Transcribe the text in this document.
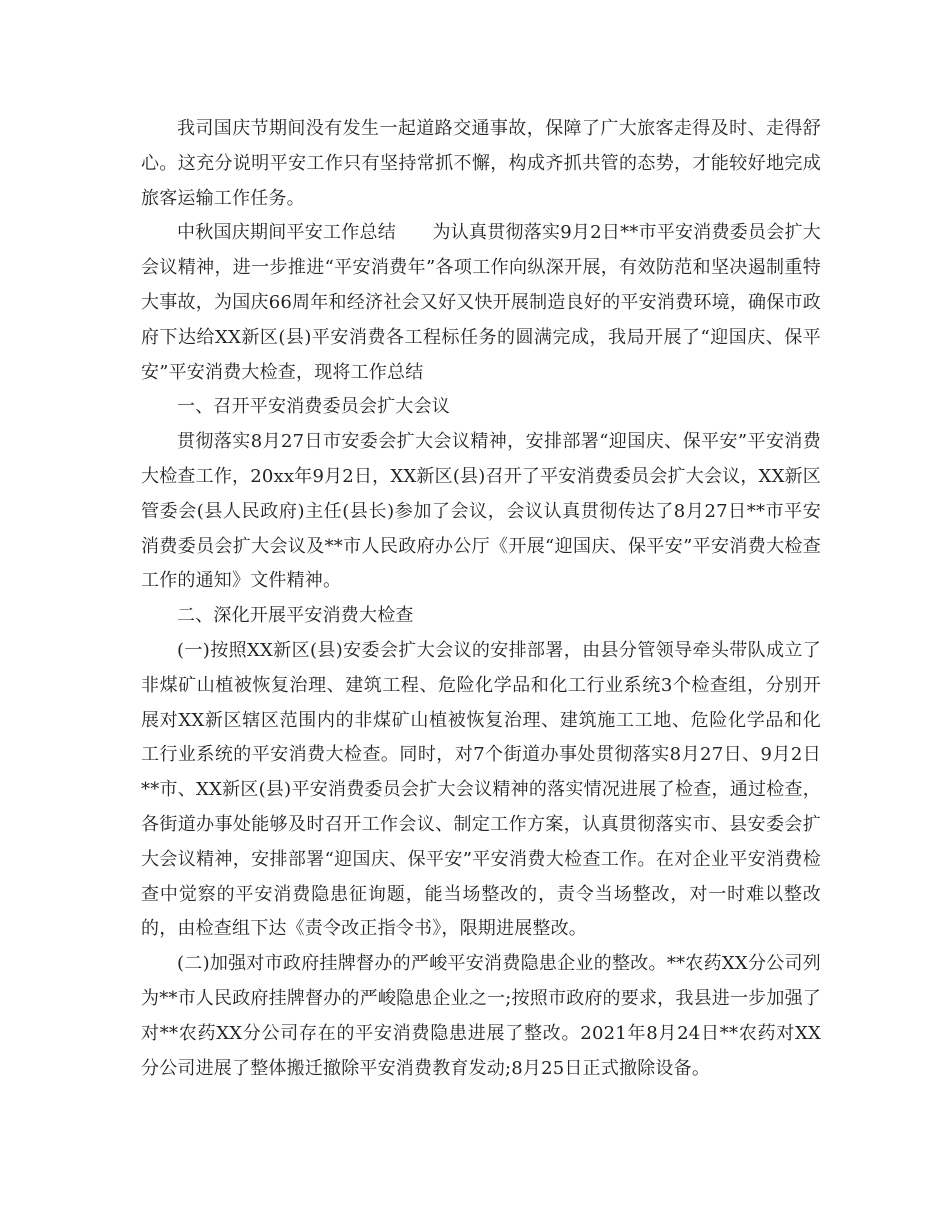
我司国庆节期间没有发生一起道路交通事故，保障了广大旅客走得及时、走得舒心。这充分说明平安工作只有坚持常抓不懈，构成齐抓共管的态势，才能较好地完成旅客运输工作任务。

中秋国庆期间平安工作总结　　为认真贯彻落实9月2日**市平安消费委员会扩大会议精神，进一步推进“平安消费年”各项工作向纵深开展，有效防范和坚决遏制重特大事故，为国庆66周年和经济社会又好又快开展制造良好的平安消费环境，确保市政府下达给XX新区(县)平安消费各工程标任务的圆满完成，我局开展了“迎国庆、保平安”平安消费大检查，现将工作总结

一、召开平安消费委员会扩大会议

贯彻落实8月27日市安委会扩大会议精神，安排部署“迎国庆、保平安”平安消费大检查工作，20xx年9月2日，XX新区(县)召开了平安消费委员会扩大会议，XX新区管委会(县人民政府)主任(县长)参加了会议，会议认真贯彻传达了8月27日**市平安消费委员会扩大会议及**市人民政府办公厅《开展“迎国庆、保平安”平安消费大检查工作的通知》文件精神。

二、深化开展平安消费大检查

(一)按照XX新区(县)安委会扩大会议的安排部署，由县分管领导牵头带队成立了非煤矿山植被恢复治理、建筑工程、危险化学品和化工行业系统3个检查组，分别开展对XX新区辖区范围内的非煤矿山植被恢复治理、建筑施工工地、危险化学品和化工行业系统的平安消费大检查。同时，对7个街道办事处贯彻落实8月27日、9月2日**市、XX新区(县)平安消费委员会扩大会议精神的落实情况进展了检查，通过检查，各街道办事处能够及时召开工作会议、制定工作方案，认真贯彻落实市、县安委会扩大会议精神，安排部署“迎国庆、保平安”平安消费大检查工作。在对企业平安消费检查中觉察的平安消费隐患征询题，能当场整改的，责令当场整改，对一时难以整改的，由检查组下达《责令改正指令书》，限期进展整改。

(二)加强对市政府挂牌督办的严峻平安消费隐患企业的整改。**农药XX分公司列为**市人民政府挂牌督办的严峻隐患企业之一;按照市政府的要求，我县进一步加强了对**农药XX分公司存在的平安消费隐患进展了整改。2021年8月24日**农药对XX分公司进展了整体搬迁撤除平安消费教育发动;8月25日正式撤除设备。
